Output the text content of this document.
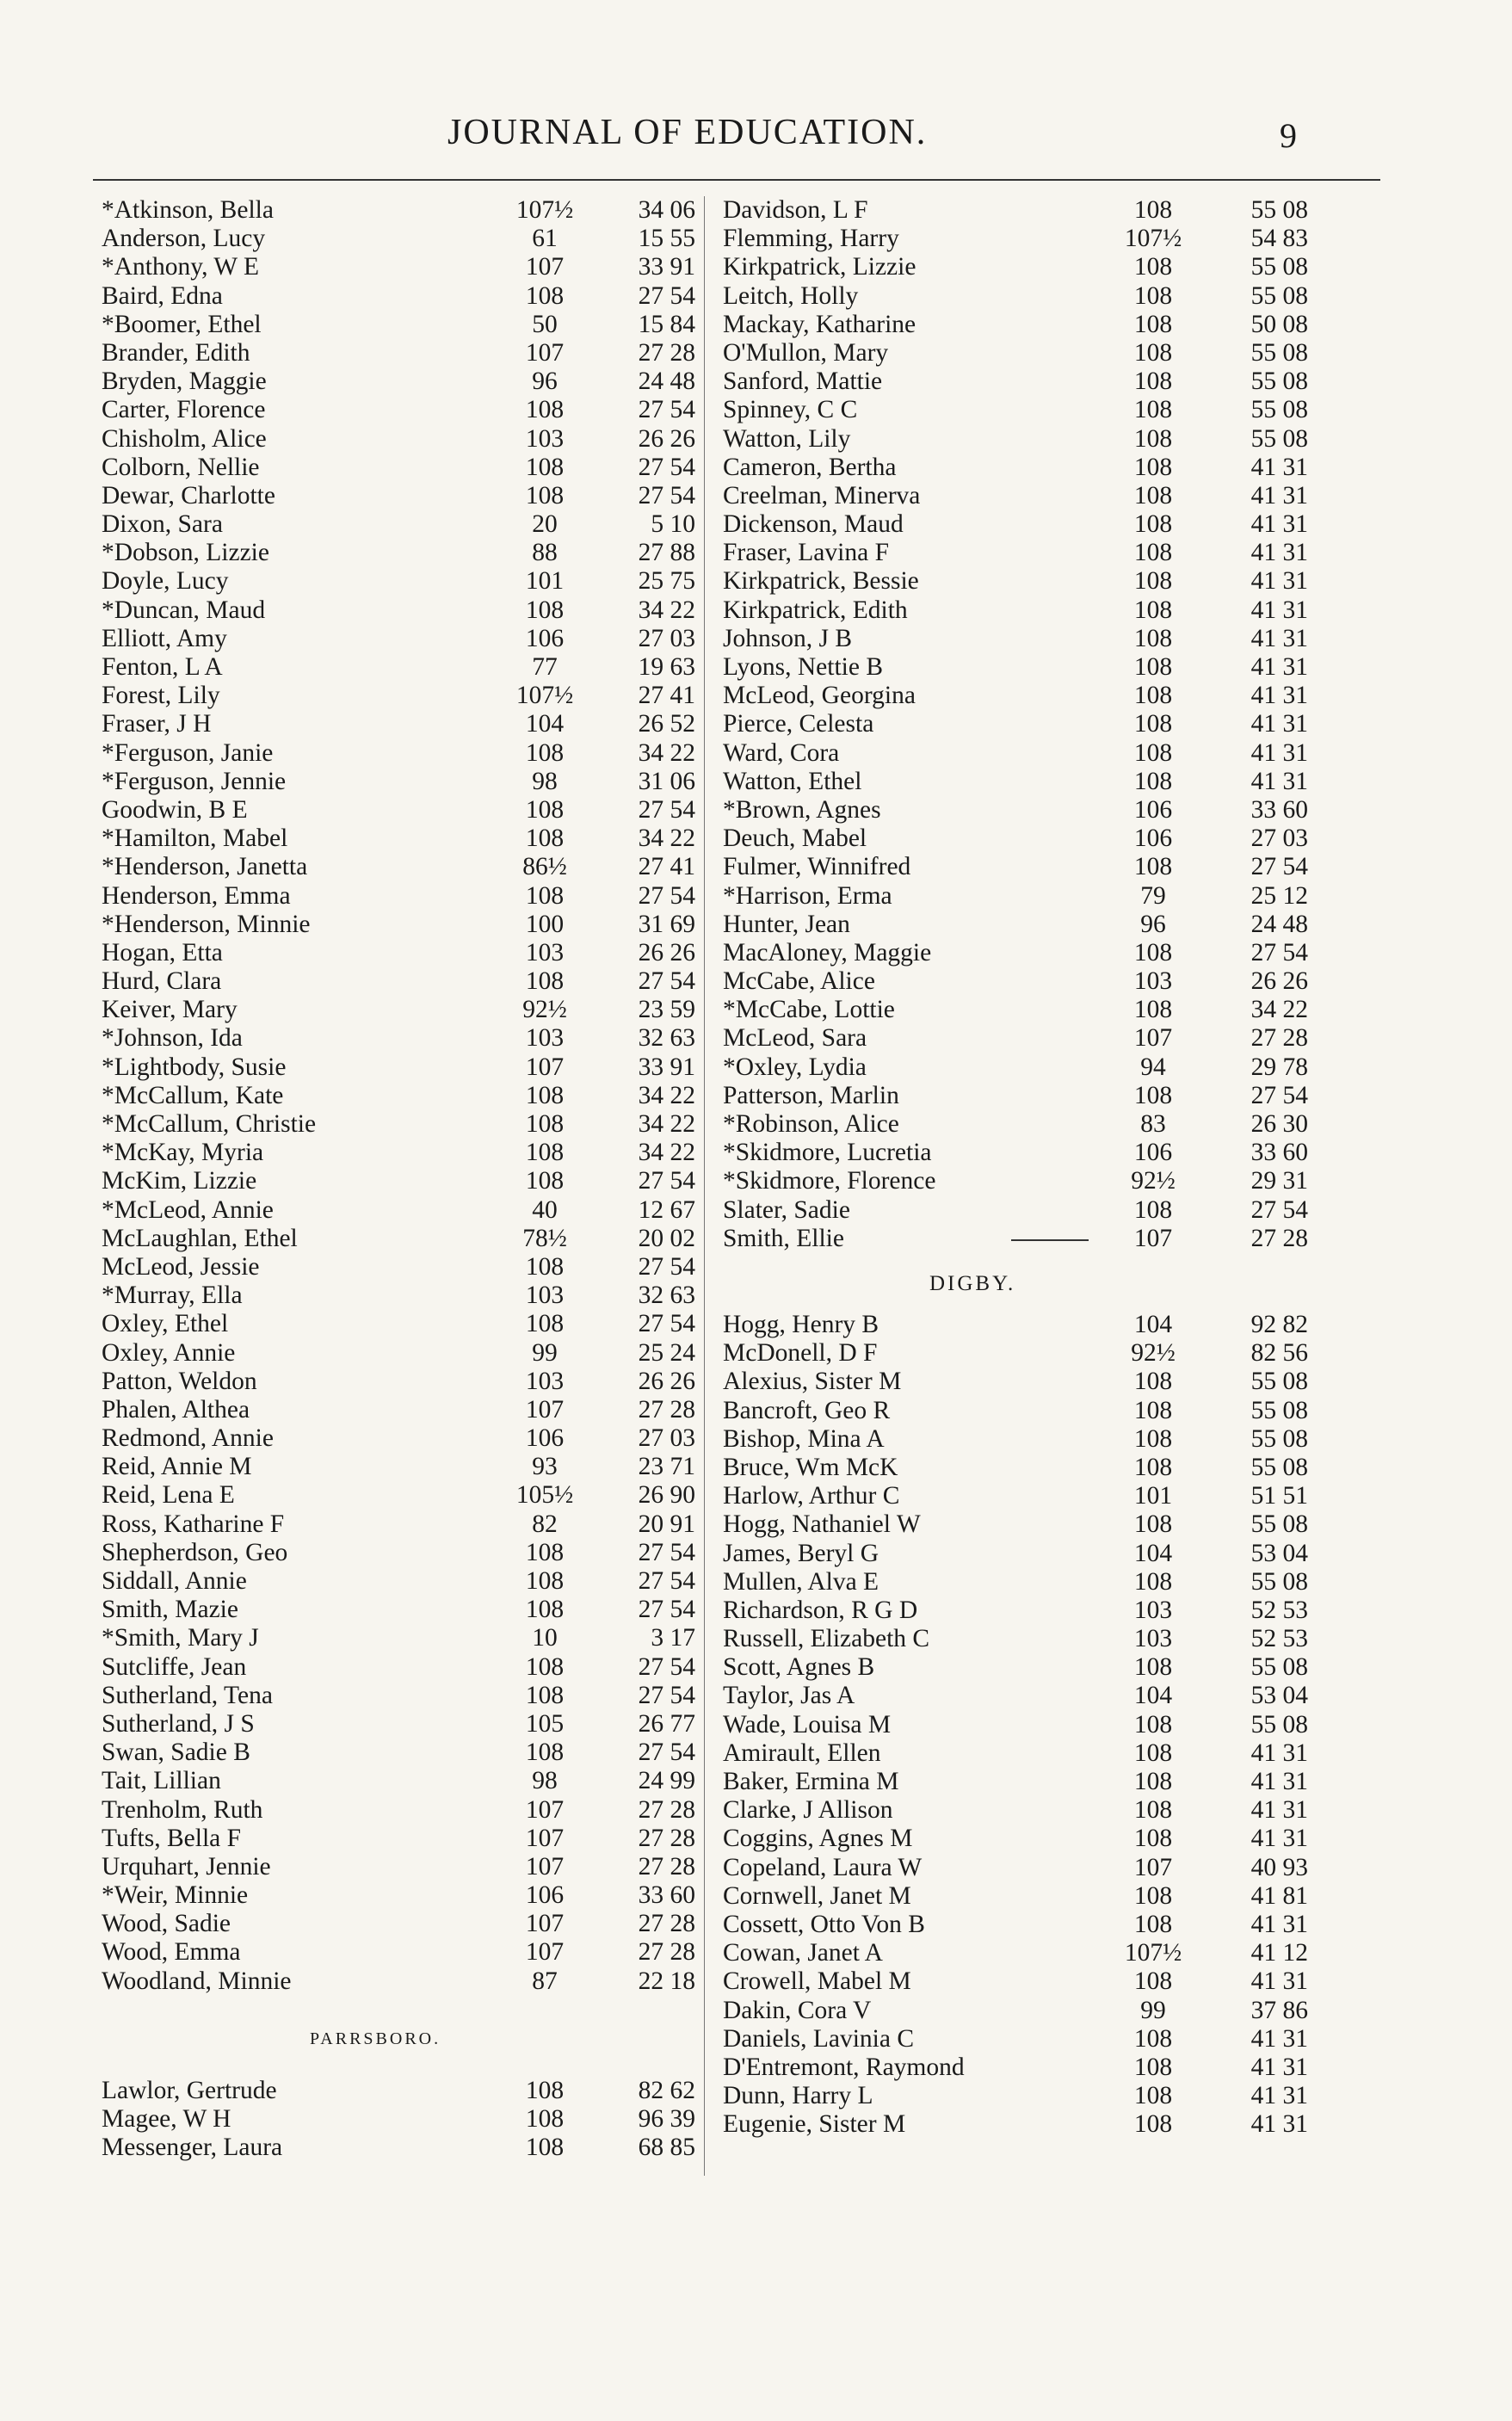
JOURNAL OF EDUCATION.	9
*Atkinson, Bella	107½	34 06
Anderson, Lucy	61	15 55
*Anthony, W E	107	33 91
Baird, Edna	108	27 54
*Boomer, Ethel	50	15 84
Brander, Edith	107	27 28
Bryden, Maggie	96	24 48
Carter, Florence	108	27 54
Chisholm, Alice	103	26 26
Colborn, Nellie	108	27 54
Dewar, Charlotte	108	27 54
Dixon, Sara	20	5 10
*Dobson, Lizzie	88	27 88
Doyle, Lucy	101	25 75
*Duncan, Maud	108	34 22
Elliott, Amy	106	27 03
Fenton, L A	77	19 63
Forest, Lily	107½	27 41
Fraser, J H	104	26 52
*Ferguson, Janie	108	34 22
*Ferguson, Jennie	98	31 06
Goodwin, B E	108	27 54
*Hamilton, Mabel	108	34 22
*Henderson, Janetta	86½	27 41
Henderson, Emma	108	27 54
*Henderson, Minnie	100	31 69
Hogan, Etta	103	26 26
Hurd, Clara	108	27 54
Keiver, Mary	92½	23 59
*Johnson, Ida	103	32 63
*Lightbody, Susie	107	33 91
*McCallum, Kate	108	34 22
*McCallum, Christie	108	34 22
*McKay, Myria	108	34 22
McKim, Lizzie	108	27 54
*McLeod, Annie	40	12 67
McLaughlan, Ethel	78½	20 02
McLeod, Jessie	108	27 54
*Murray, Ella	103	32 63
Oxley, Ethel	108	27 54
Oxley, Annie	99	25 24
Patton, Weldon	103	26 26
Phalen, Althea	107	27 28
Redmond, Annie	106	27 03
Reid, Annie M	93	23 71
Reid, Lena E	105½	26 90
Ross, Katharine F	82	20 91
Shepherdson, Geo	108	27 54
Siddall, Annie	108	27 54
Smith, Mazie	108	27 54
*Smith, Mary J	10	3 17
Sutcliffe, Jean	108	27 54
Sutherland, Tena	108	27 54
Sutherland, J S	105	26 77
Swan, Sadie B	108	27 54
Tait, Lillian	98	24 99
Trenholm, Ruth	107	27 28
Tufts, Bella F	107	27 28
Urquhart, Jennie	107	27 28
*Weir, Minnie	106	33 60
Wood, Sadie	107	27 28
Wood, Emma	107	27 28
Woodland, Minnie	87	22 18
PARRSBORO.
Lawlor, Gertrude	108	82 62
Magee, W H	108	96 39
Messenger, Laura	108	68 85
Davidson, L F	108	55 08
Flemming, Harry	107½	54 83
Kirkpatrick, Lizzie	108	55 08
Leitch, Holly	108	55 08
Mackay, Katharine	108	50 08
O'Mullon, Mary	108	55 08
Sanford, Mattie	108	55 08
Spinney, C C	108	55 08
Watton, Lily	108	55 08
Cameron, Bertha	108	41 31
Creelman, Minerva	108	41 31
Dickenson, Maud	108	41 31
Fraser, Lavina F	108	41 31
Kirkpatrick, Bessie	108	41 31
Kirkpatrick, Edith	108	41 31
Johnson, J B	108	41 31
Lyons, Nettie B	108	41 31
McLeod, Georgina	108	41 31
Pierce, Celesta	108	41 31
Ward, Cora	108	41 31
Watton, Ethel	108	41 31
*Brown, Agnes	106	33 60
Deuch, Mabel	106	27 03
Fulmer, Winnifred	108	27 54
*Harrison, Erma	79	25 12
Hunter, Jean	96	24 48
MacAloney, Maggie	108	27 54
McCabe, Alice	103	26 26
*McCabe, Lottie	108	34 22
McLeod, Sara	107	27 28
*Oxley, Lydia	94	29 78
Patterson, Marlin	108	27 54
*Robinson, Alice	83	26 30
*Skidmore, Lucretia	106	33 60
*Skidmore, Florence	92½	29 31
Slater, Sadie	108	27 54
Smith, Ellie	107	27 28
DIGBY.
Hogg, Henry B	104	92 82
McDonell, D F	92½	82 56
Alexius, Sister M	108	55 08
Bancroft, Geo R	108	55 08
Bishop, Mina A	108	55 08
Bruce, Wm McK	108	55 08
Harlow, Arthur C	101	51 51
Hogg, Nathaniel W	108	55 08
James, Beryl G	104	53 04
Mullen, Alva E	108	55 08
Richardson, R G D	103	52 53
Russell, Elizabeth C	103	52 53
Scott, Agnes B	108	55 08
Taylor, Jas A	104	53 04
Wade, Louisa M	108	55 08
Amirault, Ellen	108	41 31
Baker, Ermina M	108	41 31
Clarke, J Allison	108	41 31
Coggins, Agnes M	108	41 31
Copeland, Laura W	107	40 93
Cornwell, Janet M	108	41 81
Cossett, Otto Von B	108	41 31
Cowan, Janet A	107½	41 12
Crowell, Mabel M	108	41 31
Dakin, Cora V	99	37 86
Daniels, Lavinia C	108	41 31
D'Entremont, Raymond	108	41 31
Dunn, Harry L	108	41 31
Eugenie, Sister M	108	41 31
